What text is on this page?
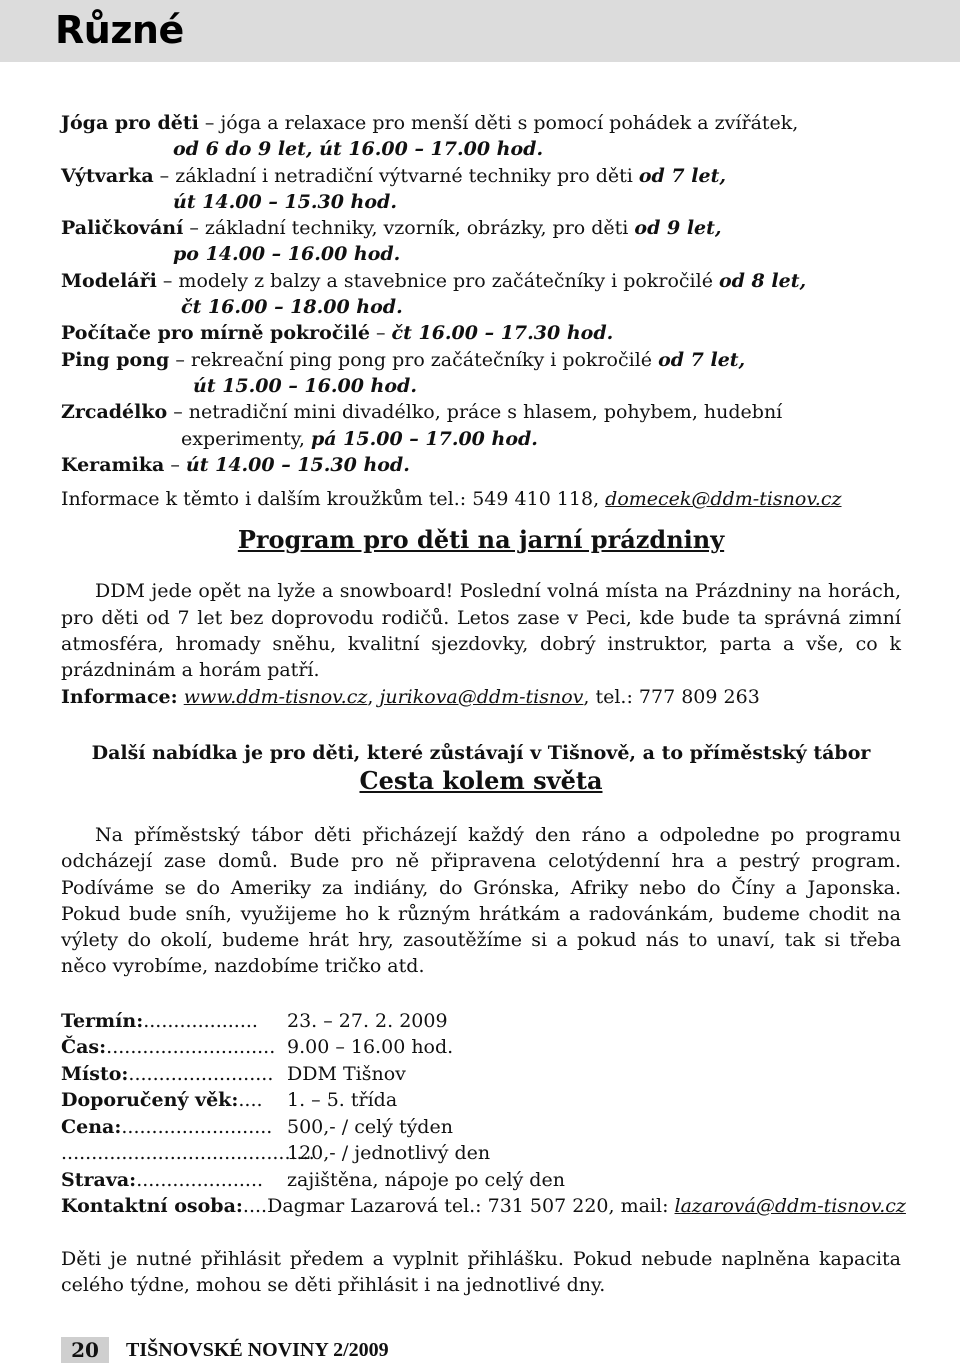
Různé
Jóga pro děti – jóga a relaxace pro menší děti s pomocí pohádek a zvířátek,
od 6 do 9 let, út 16.00 – 17.00 hod.
Výtvarka – základní i netradiční výtvarné techniky pro děti od 7 let,
út 14.00 – 15.30 hod.
Paličkování – základní techniky, vzorník, obrázky, pro děti od 9 let,
po 14.00 – 16.00 hod.
Modeláři – modely z balzy a stavebnice pro začátečníky i pokročilé od 8 let,
čt 16.00 – 18.00 hod.
Počítače pro mírně pokročilé – čt 16.00 – 17.30 hod.
Ping pong – rekreační ping pong pro začátečníky i pokročilé od 7 let,
út 15.00 – 16.00 hod.
Zrcadélko – netradiční mini divadélko, práce s hlasem, pohybem, hudební
experimenty, pá 15.00 – 17.00 hod.
Keramika – út 14.00 – 15.30 hod.
Informace k těmto i dalším kroužkům tel.: 549 410 118, domecek@ddm-tisnov.cz
Program pro děti na jarní prázdniny
DDM jede opět na lyže a snowboard! Poslední volná místa na Prázdniny na horách, pro děti od 7 let bez doprovodu rodičů. Letos zase v Peci, kde bude ta správná zimní atmosféra, hromady sněhu, kvalitní sjezdovky, dobrý instruktor, parta a vše, co k prázdninám a horám patří.
Informace: www.ddm-tisnov.cz, jurikova@ddm-tisnov, tel.: 777 809 263
Další nabídka je pro děti, které zůstávají v Tišnově, a to příměstský tábor
Cesta kolem světa
Na příměstský tábor děti přicházejí každý den ráno a odpoledne po programu odcházejí zase domů. Bude pro ně připravena celotýdenní hra a pestrý program. Podíváme se do Ameriky za indiány, do Grónska, Afriky nebo do Číny a Japonska. Pokud bude sníh, využijeme ho k různým hrátkám a radovánkám, budeme chodit na výlety do okolí, budeme hrát hry, zasoutěžíme si a pokud nás to unaví, tak si třeba něco vyrobíme, nazdobíme tričko atd.
Termín:...................	23. – 27. 2. 2009
Čas:............................ 9.00 – 16.00 hod.
Místo:........................ DDM Tišnov
Doporučený věk:....	1. – 5. třída
Cena:......................... 500,- / celý týden
..........................................
120,- / jednotlivý den
Strava:.....................	zajištěna, nápoje po celý den
Kontaktní osoba:.... Dagmar Lazarová tel.: 731 507 220, mail: lazarová@ddm-tisnov.cz
Děti je nutné přihlásit předem a vyplnit přihlášku. Pokud nebude naplněna kapacita celého týdne, mohou se děti přihlásit i na jednotlivé dny.
20	TIŠNOVSKÉ NOVINY 2/2009
